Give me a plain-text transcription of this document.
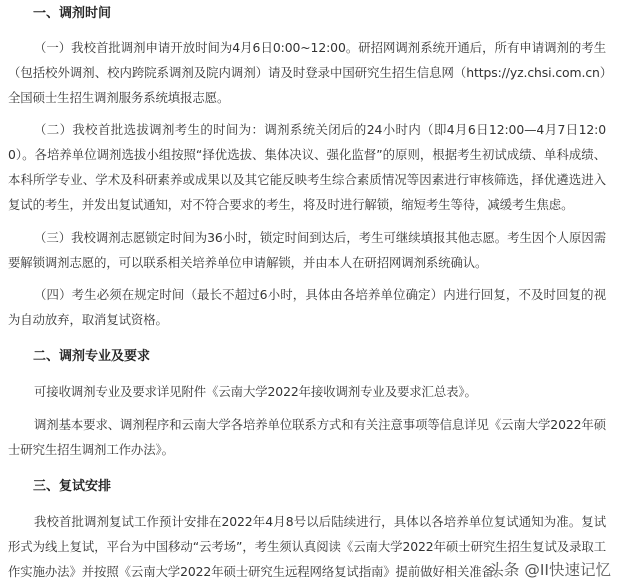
一、调剂时间
（一）我校首批调剂申请开放时间为4月6日0:00~12:00。研招网调剂系统开通后，所有申请调剂的考生（包括校外调剂、校内跨院系调剂及院内调剂）请及时登录中国研究生招生信息网（https://yz.chsi.com.cn）全国硕士生招生调剂服务系统填报志愿。
（二）我校首批选拔调剂考生的时间为：调剂系统关闭后的24小时内（即4月6日12:00—4月7日12:00）。各培养单位调剂选拔小组按照“择优选拔、集体决议、强化监督”的原则，根据考生初试成绩、单科成绩、本科所学专业、学术及科研素养或成果以及其它能反映考生综合素质情况等因素进行审核筛选，择优遴选进入复试的考生，并发出复试通知，对不符合要求的考生，将及时进行解锁，缩短考生等待，减缓考生焦虑。
（三）我校调剂志愿锁定时间为36小时，锁定时间到达后，考生可继续填报其他志愿。考生因个人原因需要解锁调剂志愿的，可以联系相关培养单位申请解锁，并由本人在研招网调剂系统确认。
（四）考生必须在规定时间（最长不超过6小时，具体由各培养单位确定）内进行回复，不及时回复的视为自动放弃，取消复试资格。
二、调剂专业及要求
可接收调剂专业及要求详见附件《云南大学2022年接收调剂专业及要求汇总表》。
调剂基本要求、调剂程序和云南大学各培养单位联系方式和有关注意事项等信息详见《云南大学2022年硕士研究生招生调剂工作办法》。
三、复试安排
我校首批调剂复试工作预计安排在2022年4月8号以后陆续进行，具体以各培养单位复试通知为准。复试形式为线上复试，平台为中国移动“云考场”，考生须认真阅读《云南大学2022年硕士研究生招生复试及录取工作实施办法》并按照《云南大学2022年硕士研究生远程网络复试指南》提前做好相关准备。
头条 @II快速记忆
